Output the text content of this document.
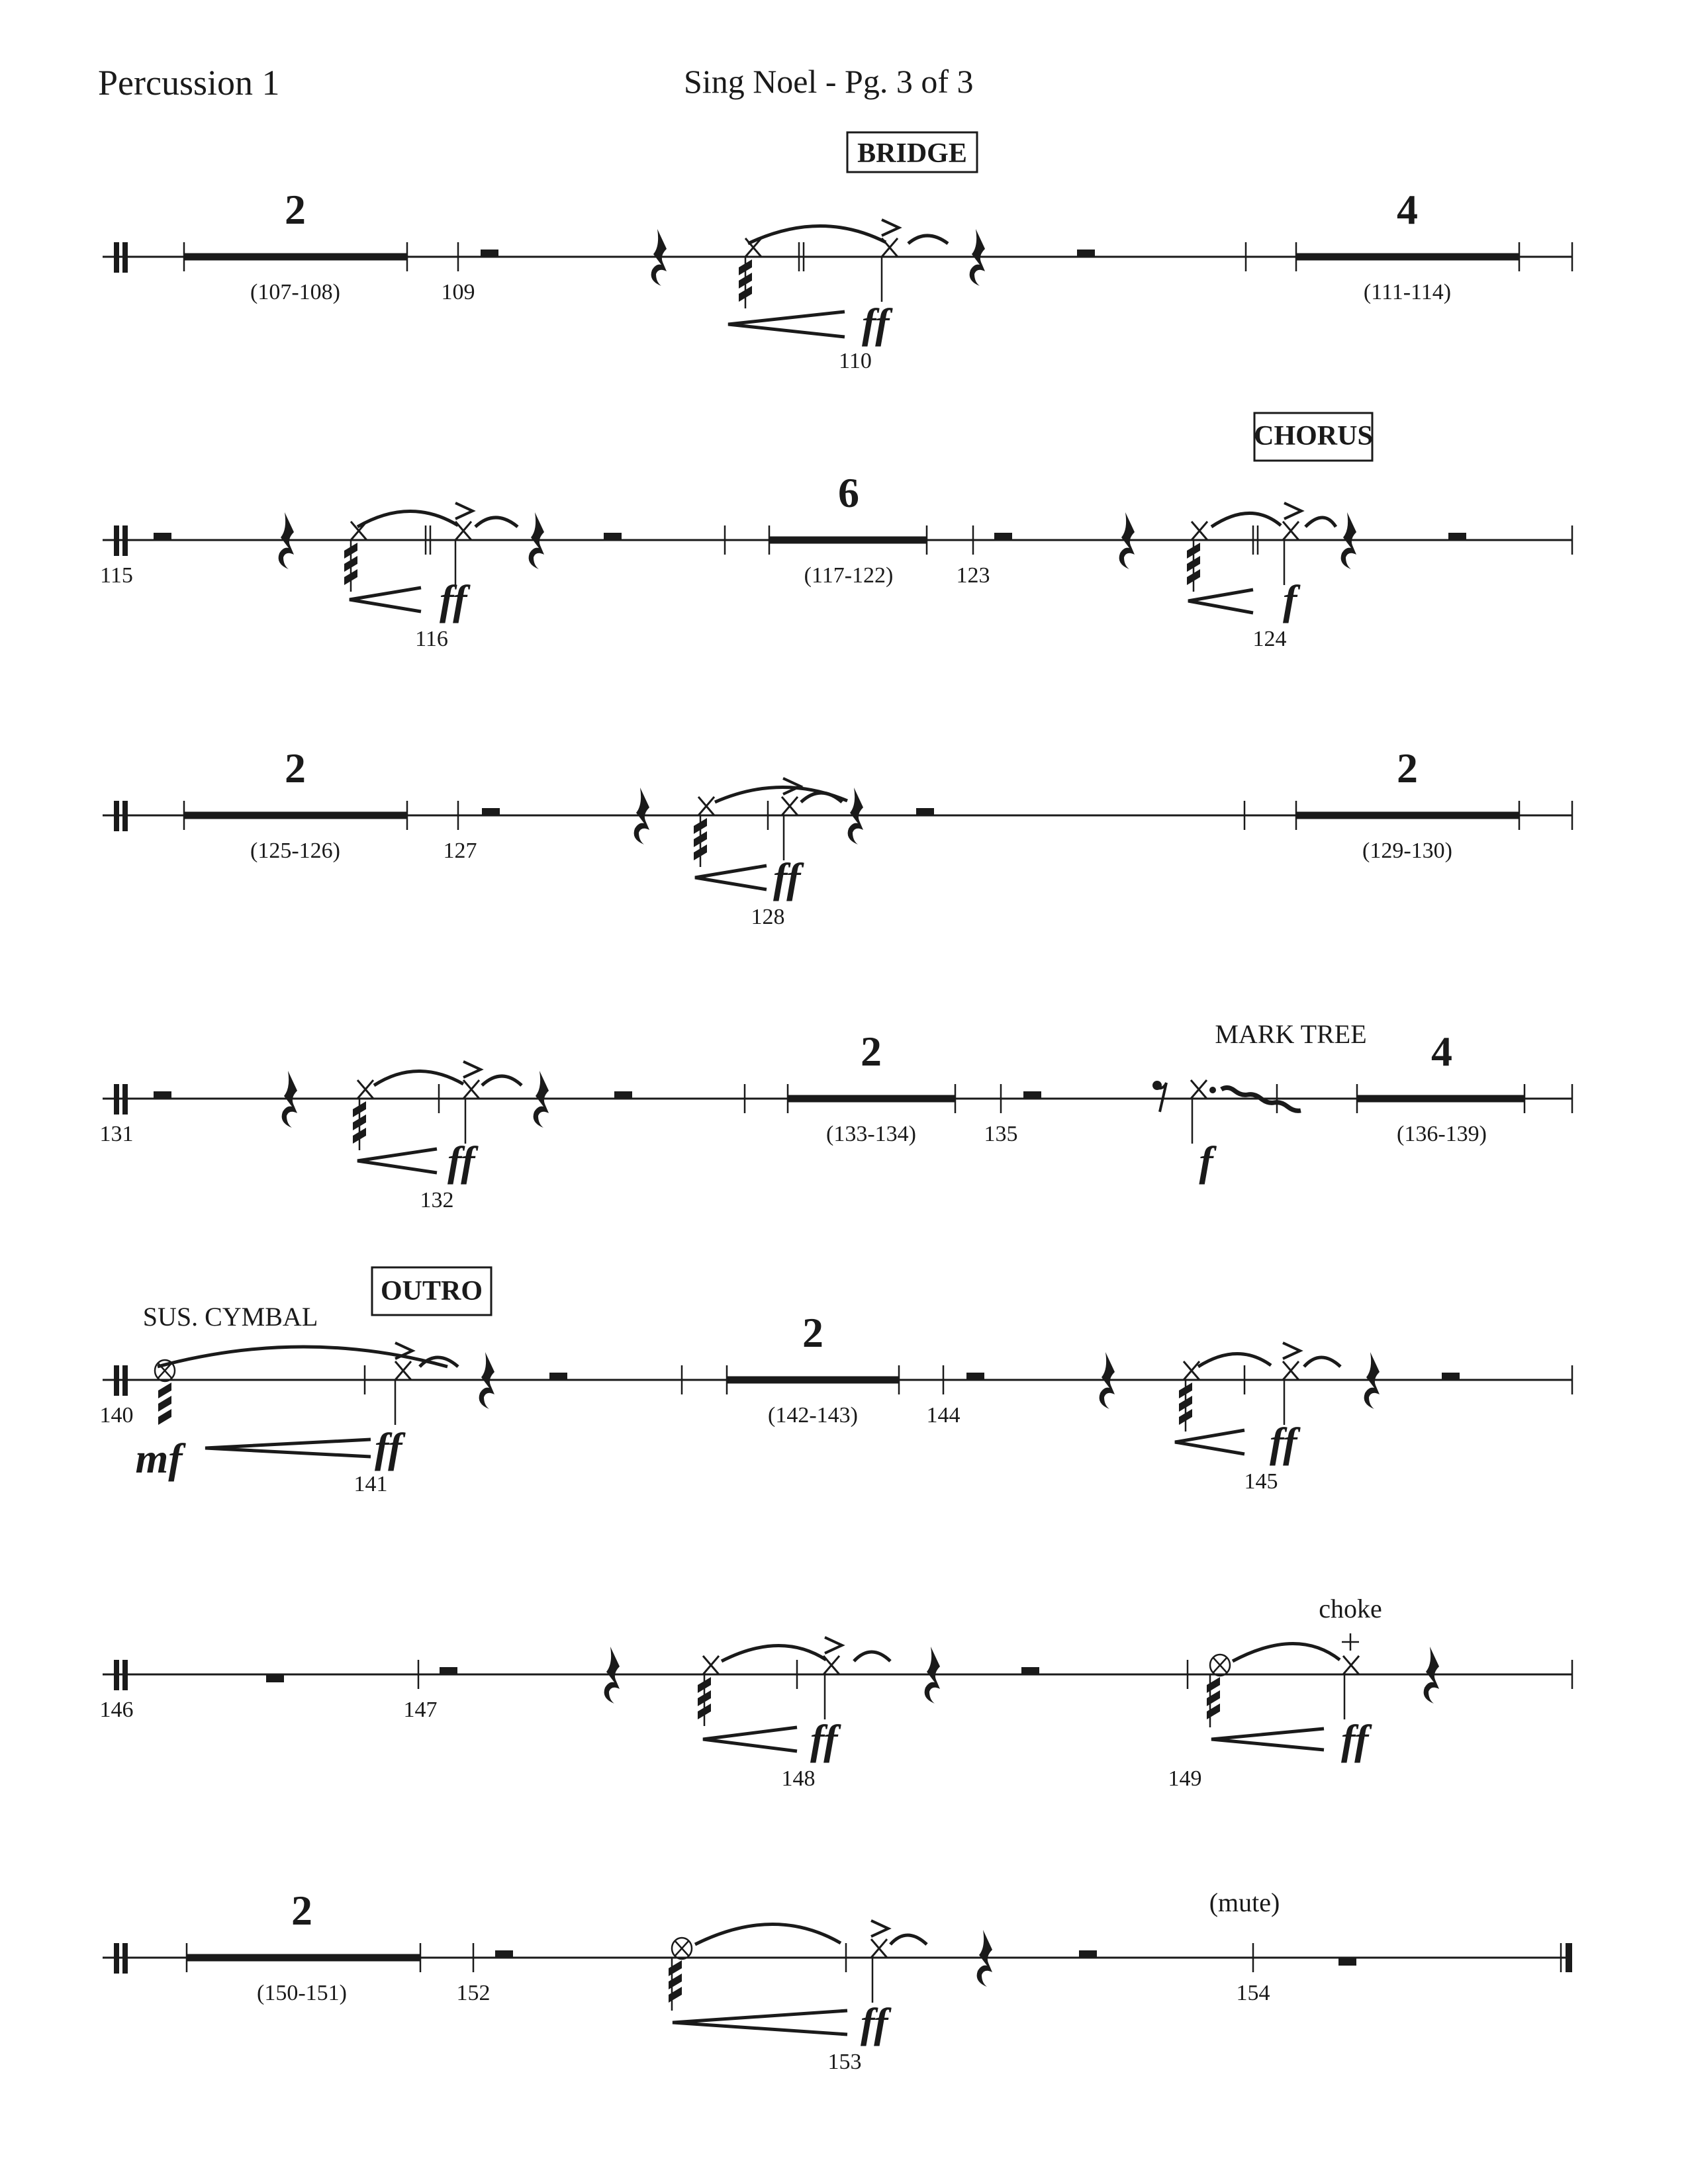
Percussion 1	Sing Noel - Pg. 3 of 3
2
(107-108)	109
ff
110
4
(111-114)
BRIDGE
115
ff
116
6
(117-122)	123
f
124
CHORUS
2
(125-126)	127
ff
128
2
(129-130)
131
ff
132
2
(133-134)	135
f
4
(136-139)
MARK TREE
140
mf	ff
141
2
(142-143)	144
ff
145
SUS. CYMBAL
OUTRO
146	147
ff
148
choke
ff
149
2
(150-151)	152
ff
153
154
(mute)
